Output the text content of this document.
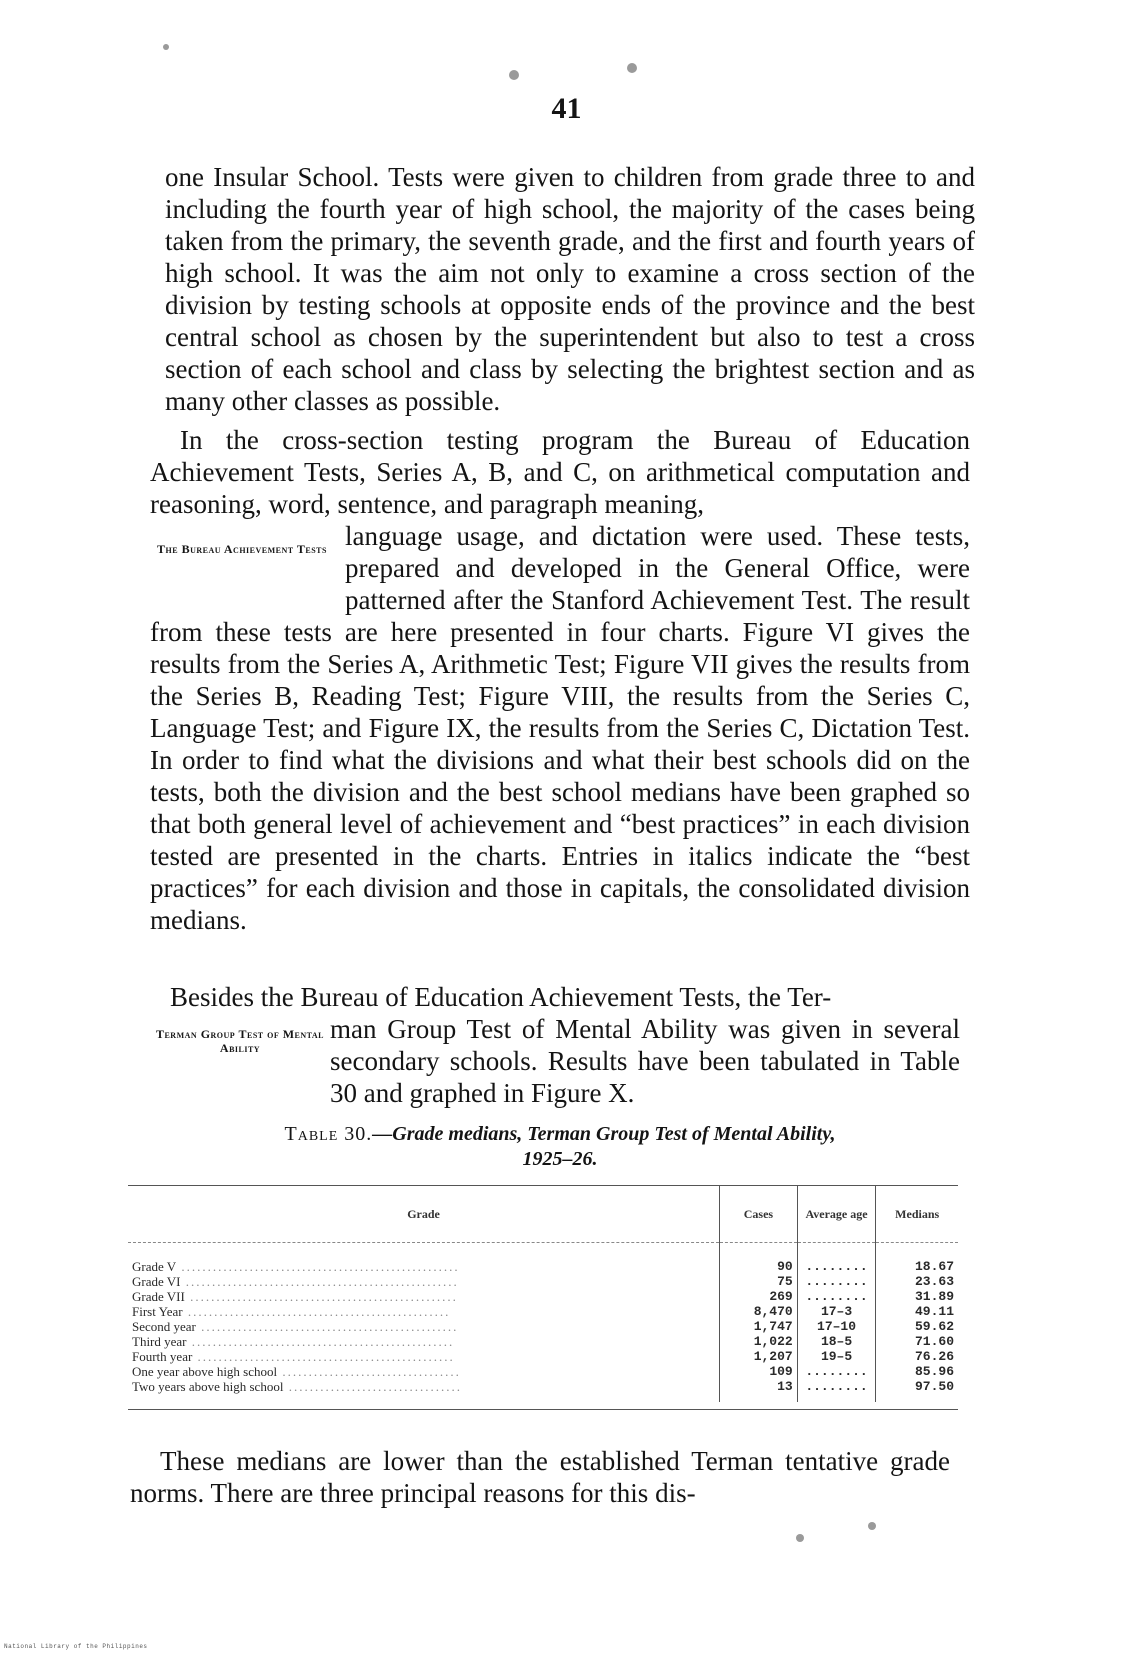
41

one Insular School. Tests were given to children from grade three to and including the fourth year of high school, the majority of the cases being taken from the primary, the seventh grade, and the first and fourth years of high school. It was the aim not only to examine a cross section of the division by testing schools at opposite ends of the province and the best central school as chosen by the superintendent but also to test a cross section of each school and class by selecting the brightest section and as many other classes as possible.

In the cross-section testing program the Bureau of Education Achievement Tests, Series A, B, and C, on arithmetical computation and reasoning, word, sentence, and paragraph meaning,
language usage, and dictation were used. These tests, prepared and developed in the General Office, were patterned after the Stanford Achievement Test. The result from these tests are here presented in four charts. Figure VI gives the results from the Series A, Arithmetic Test; Figure VII gives the results from the Series B, Reading Test; Figure VIII, the results from the Series C, Language Test; and Figure IX, the results from the Series C, Dictation Test. In order to find what the divisions and what their best schools did on the tests, both the division and the best school medians have been graphed so that both general level of achievement and “best practices” in each division tested are presented in the charts. Entries in italics indicate the “best practices” for each division and those in capitals, the consolidated division medians.
The Bureau Achievement Tests
Besides the Bureau of Education Achievement Tests, the Ter-
man Group Test of Mental Ability was given in several secondary schools. Results have been tabulated in Table 30 and graphed in Figure X.
Terman Group Test of Mental Ability
Table 30.—Grade medians, Terman Group Test of Mental Ability,
1925–26.
Grade	Cases	Average age	Medians
Grade V .....................................................	90	........	18.67
Grade VI ....................................................	75	........	23.63
Grade VII ...................................................	269	........	31.89
First Year ..................................................	8,470	17–3	49.11
Second year .................................................	1,747	17–10	59.62
Third year ..................................................	1,022	18–5	71.60
Fourth year .................................................	1,207	19–5	76.26
One year above high school ..................................	109	........	85.96
Two years above high school .................................	13	........	97.50

These medians are lower than the established Terman tentative grade norms. There are three principal reasons for this dis-

National Library of the Philippines
